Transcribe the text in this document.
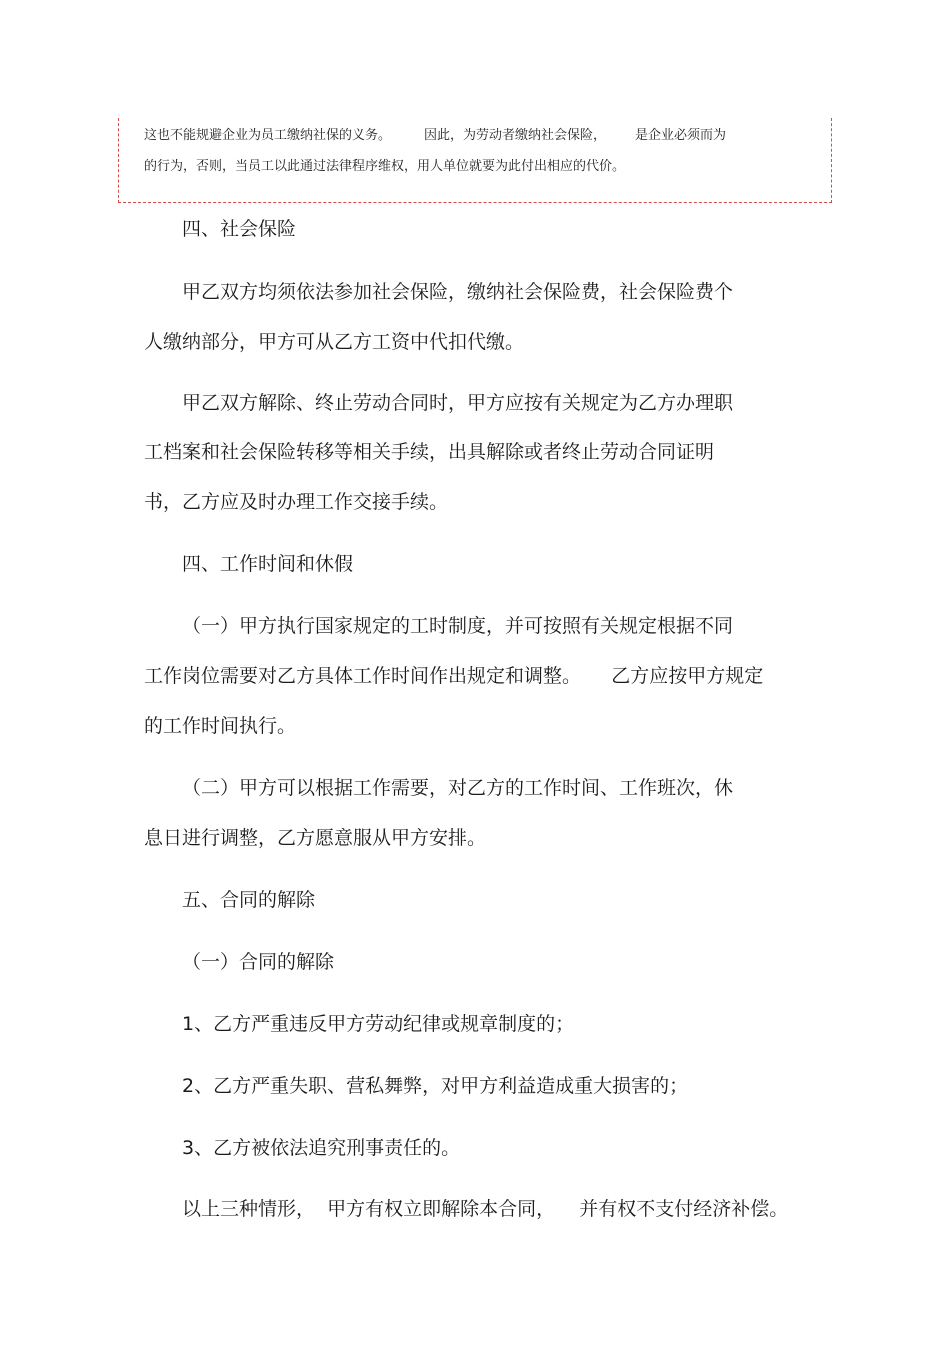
这也不能规避企业为员工缴纳社保的义务。        因此，为劳动者缴纳社会保险，       是企业必须而为
的行为，否则，当员工以此通过法律程序维权，用人单位就要为此付出相应的代价。
四、社会保险
甲乙双方均须依法参加社会保险，缴纳社会保险费，社会保险费个
人缴纳部分，甲方可从乙方工资中代扣代缴。
甲乙双方解除、终止劳动合同时，甲方应按有关规定为乙方办理职
工档案和社会保险转移等相关手续，出具解除或者终止劳动合同证明
书，乙方应及时办理工作交接手续。
四、工作时间和休假
（一）甲方执行国家规定的工时制度，并可按照有关规定根据不同
工作岗位需要对乙方具体工作时间作出规定和调整。     乙方应按甲方规定
的工作时间执行。
（二）甲方可以根据工作需要，对乙方的工作时间、工作班次，休
息日进行调整，乙方愿意服从甲方安排。
五、合同的解除
（一）合同的解除
1、乙方严重违反甲方劳动纪律或规章制度的；
2、乙方严重失职、营私舞弊，对甲方利益造成重大损害的；
3、乙方被依法追究刑事责任的。
以上三种情形，  甲方有权立即解除本合同，    并有权不支付经济补偿。
